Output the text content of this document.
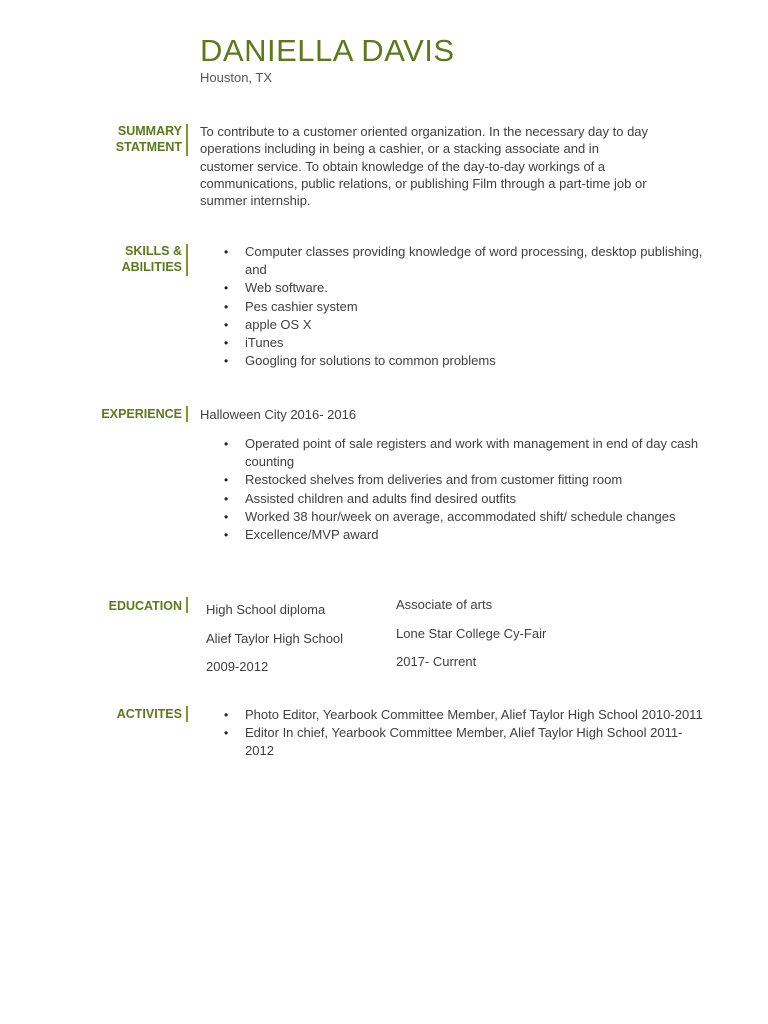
DANIELLA DAVIS
Houston, TX
SUMMARY
STATMENT
To contribute to a customer oriented organization. In the necessary day to day operations including in being a cashier, or a stacking associate and in customer service. To obtain knowledge of the day-to-day workings of a communications, public relations, or publishing Film through a part-time job or summer internship.
SKILLS &
ABILITIES
• Computer classes providing knowledge of word processing, desktop publishing, and
• Web software.
• Pes cashier system
• apple OS X
• iTunes
• Googling for solutions to common problems
EXPERIENCE Halloween City 2016- 2016
• Operated point of sale registers and work with management in end of day cash counting
• Restocked shelves from deliveries and from customer fitting room
• Assisted children and adults find desired outfits
• Worked 38 hour/week on average, accommodated shift/ schedule changes
• Excellence/MVP award
EDUCATION High School diploma
Alief Taylor High School
2009-2012
Associate of arts
Lone Star College Cy-Fair
2017- Current
ACTIVITES
•	Photo Editor, Yearbook Committee Member, Alief Taylor High School 2010-2011
• Editor In chief, Yearbook Committee Member, Alief Taylor High School 2011-2012
